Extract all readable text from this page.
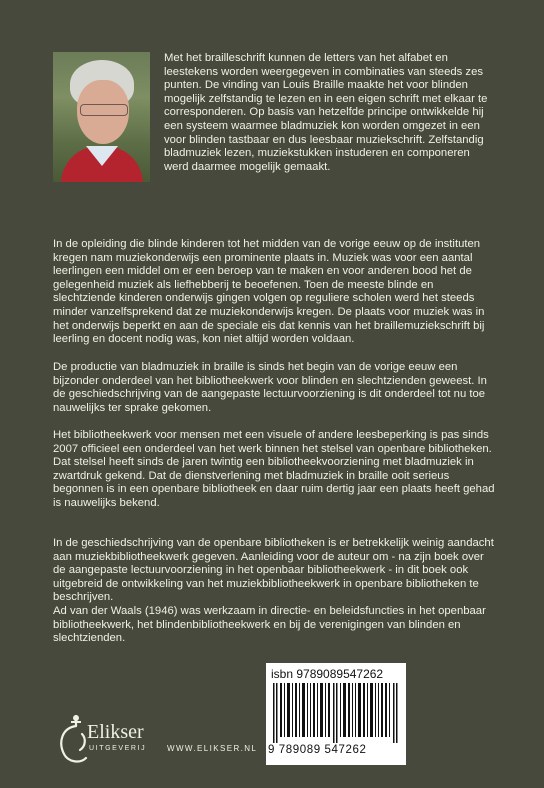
Met het brailleschrift kunnen de letters van het alfabet en leestekens worden weergegeven in combinaties van steeds zes punten. De vinding van Louis Braille maakte het voor blinden mogelijk zelfstandig te lezen en in een eigen schrift met elkaar te corresponderen. Op basis van hetzelfde principe ontwikkelde hij een systeem waarmee bladmuziek kon worden omgezet in een voor blinden tastbaar en dus leesbaar muziekschrift. Zelfstandig bladmuziek lezen, muziekstukken instuderen en componeren werd daarmee mogelijk gemaakt.

In de opleiding die blinde kinderen tot het midden van de vorige eeuw op de instituten kregen nam muziekonderwijs een prominente plaats in. Muziek was voor een aantal leerlingen een middel om er een beroep van te maken en voor anderen bood het de gelegenheid muziek als liefhebberij te beoefenen. Toen de meeste blinde en slechtziende kinderen onderwijs gingen volgen op reguliere scholen werd het steeds minder vanzelfsprekend dat ze muziekonderwijs kregen. De plaats voor muziek was in het onderwijs beperkt en aan de speciale eis dat kennis van het braillemuziekschrift bij leerling en docent nodig was, kon niet altijd worden voldaan.

De productie van bladmuziek in braille is sinds het begin van de vorige eeuw een bijzonder onderdeel van het bibliotheekwerk voor blinden en slechtzienden geweest. In de geschiedschrijving van de aangepaste lectuurvoorziening is dit onderdeel tot nu toe nauwelijks ter sprake gekomen.

Het bibliotheekwerk voor mensen met een visuele of andere leesbeperking is pas sinds 2007 officieel een onderdeel van het werk binnen het stelsel van openbare bibliotheken. Dat stelsel heeft sinds de jaren twintig een bibliotheekvoorziening met bladmuziek in zwartdruk gekend. Dat de dienstverlening met bladmuziek in braille ooit serieus begonnen is in een openbare bibliotheek en daar ruim dertig jaar een plaats heeft gehad is nauwelijks bekend.

In de geschiedschrijving van de openbare bibliotheken is er betrekkelijk weinig aandacht aan muziekbibliotheekwerk gegeven. Aanleiding voor de auteur om - na zijn boek over de aangepaste lectuurvoorziening in het openbaar bibliotheekwerk - in dit boek ook uitgebreid de ontwikkeling van het muziekbibliotheekwerk in openbare bibliotheken te beschrijven.
Ad van der Waals (1946) was werkzaam in directie- en beleidsfuncties in het openbaar bibliotheekwerk, het blindenbibliotheekwerk en bij de verenigingen van blinden en slechtzienden.

isbn 9789089547262
9 789089 547262
Elikser
UITGEVERIJ	WWW.ELIKSER.NL
